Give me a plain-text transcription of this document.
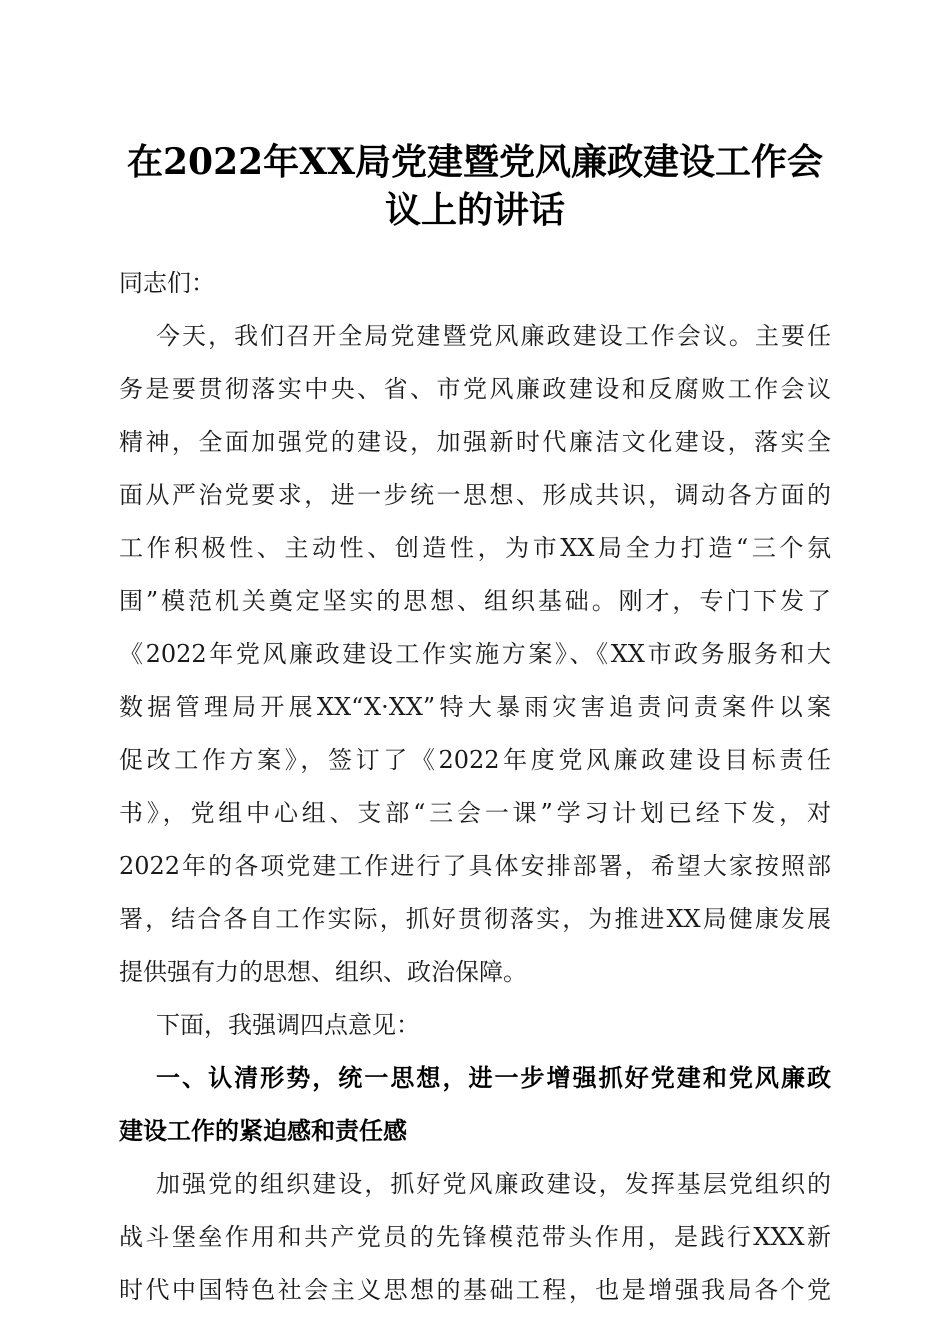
在2022年XX局党建暨党风廉政建设工作会
议上的讲话
同志们：
今天，我们召开全局党建暨党风廉政建设工作会议。主要任
务是要贯彻落实中央、省、市党风廉政建设和反腐败工作会议
精神，全面加强党的建设，加强新时代廉洁文化建设，落实全
面从严治党要求，进一步统一思想、形成共识，调动各方面的
工作积极性、主动性、创造性，为市XX局全力打造“三个氛
围”模范机关奠定坚实的思想、组织基础。刚才，专门下发了
《2022年党风廉政建设工作实施方案》、《XX市政务服务和大
数据管理局开展XX“X·XX”特大暴雨灾害追责问责案件以案
促改工作方案》，签订了《2022年度党风廉政建设目标责任
书》，党组中心组、支部“三会一课”学习计划已经下发，对
2022年的各项党建工作进行了具体安排部署，希望大家按照部
署，结合各自工作实际，抓好贯彻落实，为推进XX局健康发展
提供强有力的思想、组织、政治保障。
下面，我强调四点意见：
一、认清形势，统一思想，进一步增强抓好党建和党风廉政
建设工作的紧迫感和责任感
加强党的组织建设，抓好党风廉政建设，发挥基层党组织的
战斗堡垒作用和共产党员的先锋模范带头作用，是践行XXX新
时代中国特色社会主义思想的基础工程，也是增强我局各个党
